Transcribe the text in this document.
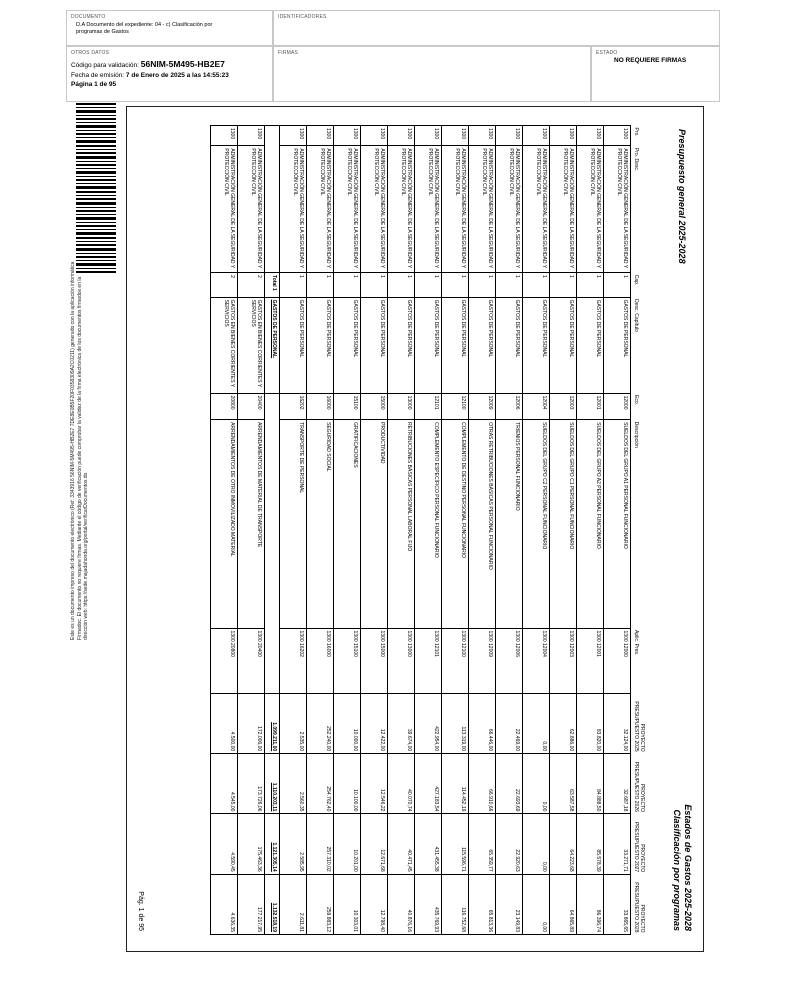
DOCUMENTO
D.A Documento del expediente: 04 - c) Clasificación por programas de Gastos
IDENTIFICADORES
OTROS DATOS
Código para validación: 56NIM-5M495-HB2E7
Fecha de emisión: 7 de Enero de 2025 a las 14:55:23
Página 1 de 95
FIRMAS	ESTADO
NO REQUIERE FIRMAS
Este es un documento impreso del documento electrónico (Ref: 3343916 56NIM-5M495-HB2E7 7DE8E0B5F20F0358309A2C0211) generado con la aplicación informática Firmadoc. El documento no requiere firmas. Mediante el código de verificación puede comprobar la validez de la firma electrónica de los documentos firmados en la dirección web: https://sede.majadahonda.org/portal/verificarDocumentos.do
Presupuesto general 2025-2028
Estados de Gastos 2025-2028
Clasificación por programas
Pro.	Pro. Desc.	Cap.	Desc. Capítulo	Eco.	Descripción	Aplic. Pres.	PROYECTO PRESUPUESTO 2025	PROYECTO PRESUPUESTO 2026	PROYECTO PRESUPUESTO 2027	PROYECTO PRESUPUESTO 2028
1300	ADMINISTRACIÓN GENERAL DE LA SEGURIDAD Y PROTECCIÓN CIVIL	1	GASTOS DE PERSONAL	12000	SUELDOS DEL GRUPO A1 PERSONAL FUNCIONARIO	1300 12000	32.124,00	32.687,18	33.271,71	33.865,65
1300	ADMINISTRACIÓN GENERAL DE LA SEGURIDAD Y PROTECCIÓN CIVIL	1	GASTOS DE PERSONAL	12001	SUELDOS DEL GRUPO A2 PERSONAL FUNCIONARIO	1300 12001	83.820,00	84.888,50	85.578,39	86.396,74
1300	ADMINISTRACIÓN GENERAL DE LA SEGURIDAD Y PROTECCIÓN CIVIL	1	GASTOS DE PERSONAL	12003	SUELDOS DEL GRUPO C1 PERSONAL FUNCIONARIO	1300 12003	62.886,00	63.587,58	64.223,68	64.865,89
1300	ADMINISTRACIÓN GENERAL DE LA SEGURIDAD Y PROTECCIÓN CIVIL	1	GASTOS DE PERSONAL	12004	SUELDOS DEL GRUPO C2 PERSONAL FUNCIONARIO	1300 12004	0,00	0,00	0,00	0,00
1300	ADMINISTRACIÓN GENERAL DE LA SEGURIDAD Y PROTECCIÓN CIVIL	1	GASTOS DE PERSONAL	12006	TRIENIOS PERSONAL FUNCIONARIO	1300 12006	22.469,00	22.693,69	22.920,63	23.149,83
1300	ADMINISTRACIÓN GENERAL DE LA SEGURIDAD Y PROTECCIÓN CIVIL	1	GASTOS DE PERSONAL	12009	OTRAS RETRIBUCIONES BÁSICAS PERSONAL FUNCIONARIO	1300 12009	66.446,00	66.910,66	65.359,77	65.813,36
1300	ADMINISTRACIÓN GENERAL DE LA SEGURIDAD Y PROTECCIÓN CIVIL	1	GASTOS DE PERSONAL	12100	COMPLEMENTO DE DESTINO PERSONAL FUNCIONARIO	1300 12100	113.319,00	114.452,19	115.596,71	116.752,68
1300	ADMINISTRACIÓN GENERAL DE LA SEGURIDAD Y PROTECCIÓN CIVIL	1	GASTOS DE PERSONAL	12101	COMPLEMENTO ESPECÍFICO PERSONAL FUNCIONARIO	1300 12101	422.954,00	427.183,54	431.455,38	435.769,93
1300	ADMINISTRACIÓN GENERAL DE LA SEGURIDAD Y PROTECCIÓN CIVIL	1	GASTOS DE PERSONAL	13000	RETRIBUCIONES BÁSICAS PERSONAL LABORAL FIJO	1300 13000	39.674,00	40.070,74	40.471,45	40.876,16
1300	ADMINISTRACIÓN GENERAL DE LA SEGURIDAD Y PROTECCIÓN CIVIL	1	GASTOS DE PERSONAL	15000	PRODUCTIVIDAD	1300 15000	12.422,00	12.546,22	12.671,68	12.798,40
1300	ADMINISTRACIÓN GENERAL DE LA SEGURIDAD Y PROTECCIÓN CIVIL	1	GASTOS DE PERSONAL	15100	GRATIFICACIONES	1300 15100	10.000,00	10.100,00	10.201,00	10.303,01
1300	ADMINISTRACIÓN GENERAL DE LA SEGURIDAD Y PROTECCIÓN CIVIL	1	GASTOS DE PERSONAL	16000	SEGURIDAD SOCIAL	1300 16000	252.240,00	254.762,40	257.310,02	259.883,12
1300	ADMINISTRACIÓN GENERAL DE LA SEGURIDAD Y PROTECCIÓN CIVIL	1	GASTOS DE PERSONAL	16202	TRANSPORTE DE PERSONAL	1300 16202	2.535,00	2.560,35	2.585,95	2.611,81
		Total 1	GASTOS DE PERSONAL				1.099.211,00	1.110.203,11	1.121.305,14	1.132.518,19
1300	ADMINISTRACIÓN GENERAL DE LA SEGURIDAD Y PROTECCIÓN CIVIL	2	GASTOS EN BIENES CORRIENTES Y SERVICIOS	20400	ARRENDAMIENTOS DE MATERIAL DE TRANSPORTE	1300 20400	172.006,00	173.726,06	175.463,36	177.217,95
1300	ADMINISTRACIÓN GENERAL DE LA SEGURIDAD Y PROTECCIÓN CIVIL	2	GASTOS EN BIENES CORRIENTES Y SERVICIOS	20800	ARRENDAMIENTOS DE OTRO INMOVILIZADO MATERIAL	1300 20800	4.500,00	4.545,00	4.590,45	4.636,35
Pág. 1 de 95
